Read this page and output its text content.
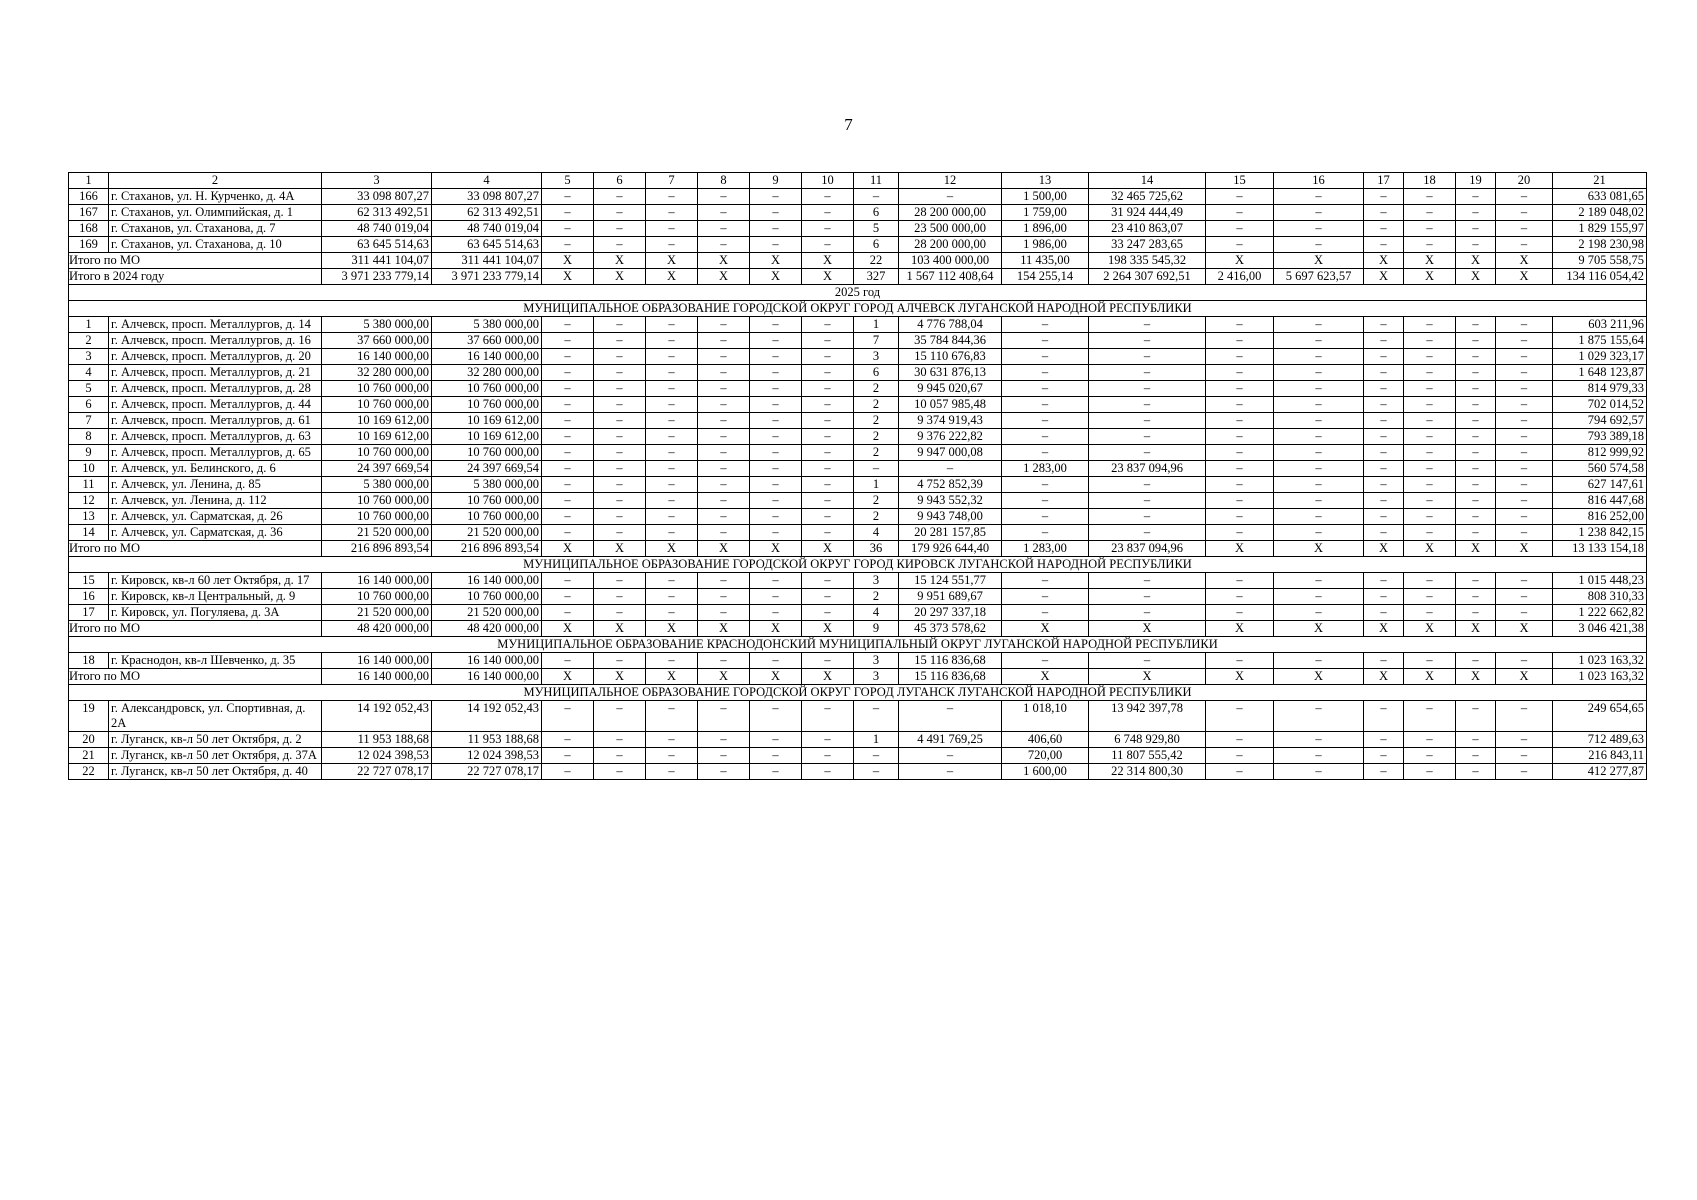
7
1	2	3	4	5	6	7	8	9	10	11	12	13	14	15	16	17	18	19	20	21
166	г. Стаханов, ул. Н. Курченко, д. 4А	33 098 807,27	33 098 807,27	–	–	–	–	–	–	–	–	1 500,00	32 465 725,62	–	–	–	–	–	–	633 081,65
167	г. Стаханов, ул. Олимпийская, д. 1	62 313 492,51	62 313 492,51	–	–	–	–	–	–	6	28 200 000,00	1 759,00	31 924 444,49	–	–	–	–	–	–	2 189 048,02
168	г. Стаханов, ул. Стаханова, д. 7	48 740 019,04	48 740 019,04	–	–	–	–	–	–	5	23 500 000,00	1 896,00	23 410 863,07	–	–	–	–	–	–	1 829 155,97
169	г. Стаханов, ул. Стаханова, д. 10	63 645 514,63	63 645 514,63	–	–	–	–	–	–	6	28 200 000,00	1 986,00	33 247 283,65	–	–	–	–	–	–	2 198 230,98
Итого по МО		311 441 104,07	311 441 104,07	X	X	X	X	X	X	22	103 400 000,00	11 435,00	198 335 545,32	X	X	X	X	X	X	9 705 558,75
Итого в 2024 году		3 971 233 779,14	3 971 233 779,14	X	X	X	X	X	X	327	1 567 112 408,64	154 255,14	2 264 307 692,51	2 416,00	5 697 623,57	X	X	X	X	134 116 054,42
2025 год																				
МУНИЦИПАЛЬНОЕ ОБРАЗОВАНИЕ ГОРОДСКОЙ ОКРУГ ГОРОД АЛЧЕВСК ЛУГАНСКОЙ НАРОДНОЙ РЕСПУБЛИКИ																				
1	г. Алчевск, просп. Металлургов, д. 14	5 380 000,00	5 380 000,00	–	–	–	–	–	–	1	4 776 788,04	–	–	–	–	–	–	–	–	603 211,96
2	г. Алчевск, просп. Металлургов, д. 16	37 660 000,00	37 660 000,00	–	–	–	–	–	–	7	35 784 844,36	–	–	–	–	–	–	–	–	1 875 155,64
3	г. Алчевск, просп. Металлургов, д. 20	16 140 000,00	16 140 000,00	–	–	–	–	–	–	3	15 110 676,83	–	–	–	–	–	–	–	–	1 029 323,17
4	г. Алчевск, просп. Металлургов, д. 21	32 280 000,00	32 280 000,00	–	–	–	–	–	–	6	30 631 876,13	–	–	–	–	–	–	–	–	1 648 123,87
5	г. Алчевск, просп. Металлургов, д. 28	10 760 000,00	10 760 000,00	–	–	–	–	–	–	2	9 945 020,67	–	–	–	–	–	–	–	–	814 979,33
6	г. Алчевск, просп. Металлургов, д. 44	10 760 000,00	10 760 000,00	–	–	–	–	–	–	2	10 057 985,48	–	–	–	–	–	–	–	–	702 014,52
7	г. Алчевск, просп. Металлургов, д. 61	10 169 612,00	10 169 612,00	–	–	–	–	–	–	2	9 374 919,43	–	–	–	–	–	–	–	–	794 692,57
8	г. Алчевск, просп. Металлургов, д. 63	10 169 612,00	10 169 612,00	–	–	–	–	–	–	2	9 376 222,82	–	–	–	–	–	–	–	–	793 389,18
9	г. Алчевск, просп. Металлургов, д. 65	10 760 000,00	10 760 000,00	–	–	–	–	–	–	2	9 947 000,08	–	–	–	–	–	–	–	–	812 999,92
10	г. Алчевск, ул. Белинского, д. 6	24 397 669,54	24 397 669,54	–	–	–	–	–	–	–	–	1 283,00	23 837 094,96	–	–	–	–	–	–	560 574,58
11	г. Алчевск, ул. Ленина, д. 85	5 380 000,00	5 380 000,00	–	–	–	–	–	–	1	4 752 852,39	–	–	–	–	–	–	–	–	627 147,61
12	г. Алчевск, ул. Ленина, д. 112	10 760 000,00	10 760 000,00	–	–	–	–	–	–	2	9 943 552,32	–	–	–	–	–	–	–	–	816 447,68
13	г. Алчевск, ул. Сарматская, д. 26	10 760 000,00	10 760 000,00	–	–	–	–	–	–	2	9 943 748,00	–	–	–	–	–	–	–	–	816 252,00
14	г. Алчевск, ул. Сарматская, д. 36	21 520 000,00	21 520 000,00	–	–	–	–	–	–	4	20 281 157,85	–	–	–	–	–	–	–	–	1 238 842,15
Итого по МО		216 896 893,54	216 896 893,54	X	X	X	X	X	X	36	179 926 644,40	1 283,00	23 837 094,96	X	X	X	X	X	X	13 133 154,18
МУНИЦИПАЛЬНОЕ ОБРАЗОВАНИЕ ГОРОДСКОЙ ОКРУГ ГОРОД КИРОВСК ЛУГАНСКОЙ НАРОДНОЙ РЕСПУБЛИКИ																				
15	г. Кировск, кв-л 60 лет Октября, д. 17	16 140 000,00	16 140 000,00	–	–	–	–	–	–	3	15 124 551,77	–	–	–	–	–	–	–	–	1 015 448,23
16	г. Кировск, кв-л Центральный, д. 9	10 760 000,00	10 760 000,00	–	–	–	–	–	–	2	9 951 689,67	–	–	–	–	–	–	–	–	808 310,33
17	г. Кировск, ул. Погуляева, д. 3А	21 520 000,00	21 520 000,00	–	–	–	–	–	–	4	20 297 337,18	–	–	–	–	–	–	–	–	1 222 662,82
Итого по МО		48 420 000,00	48 420 000,00	X	X	X	X	X	X	9	45 373 578,62	X	X	X	X	X	X	X	X	3 046 421,38
МУНИЦИПАЛЬНОЕ ОБРАЗОВАНИЕ КРАСНОДОНСКИЙ МУНИЦИПАЛЬНЫЙ ОКРУГ ЛУГАНСКОЙ НАРОДНОЙ РЕСПУБЛИКИ																				
18	г. Краснодон, кв-л Шевченко, д. 35	16 140 000,00	16 140 000,00	–	–	–	–	–	–	3	15 116 836,68	–	–	–	–	–	–	–	–	1 023 163,32
Итого по МО		16 140 000,00	16 140 000,00	X	X	X	X	X	X	3	15 116 836,68	X	X	X	X	X	X	X	X	1 023 163,32
МУНИЦИПАЛЬНОЕ ОБРАЗОВАНИЕ ГОРОДСКОЙ ОКРУГ ГОРОД ЛУГАНСК ЛУГАНСКОЙ НАРОДНОЙ РЕСПУБЛИКИ																				
19	г. Александровск, ул. Спортивная, д. 2А	14 192 052,43	14 192 052,43	–	–	–	–	–	–	–	–	1 018,10	13 942 397,78	–	–	–	–	–	–	249 654,65
20	г. Луганск, кв-л 50 лет Октября, д. 2	11 953 188,68	11 953 188,68	–	–	–	–	–	–	1	4 491 769,25	406,60	6 748 929,80	–	–	–	–	–	–	712 489,63
21	г. Луганск, кв-л 50 лет Октября, д. 37А	12 024 398,53	12 024 398,53	–	–	–	–	–	–	–	–	720,00	11 807 555,42	–	–	–	–	–	–	216 843,11
22	г. Луганск, кв-л 50 лет Октября, д. 40	22 727 078,17	22 727 078,17	–	–	–	–	–	–	–	–	1 600,00	22 314 800,30	–	–	–	–	–	–	412 277,87
